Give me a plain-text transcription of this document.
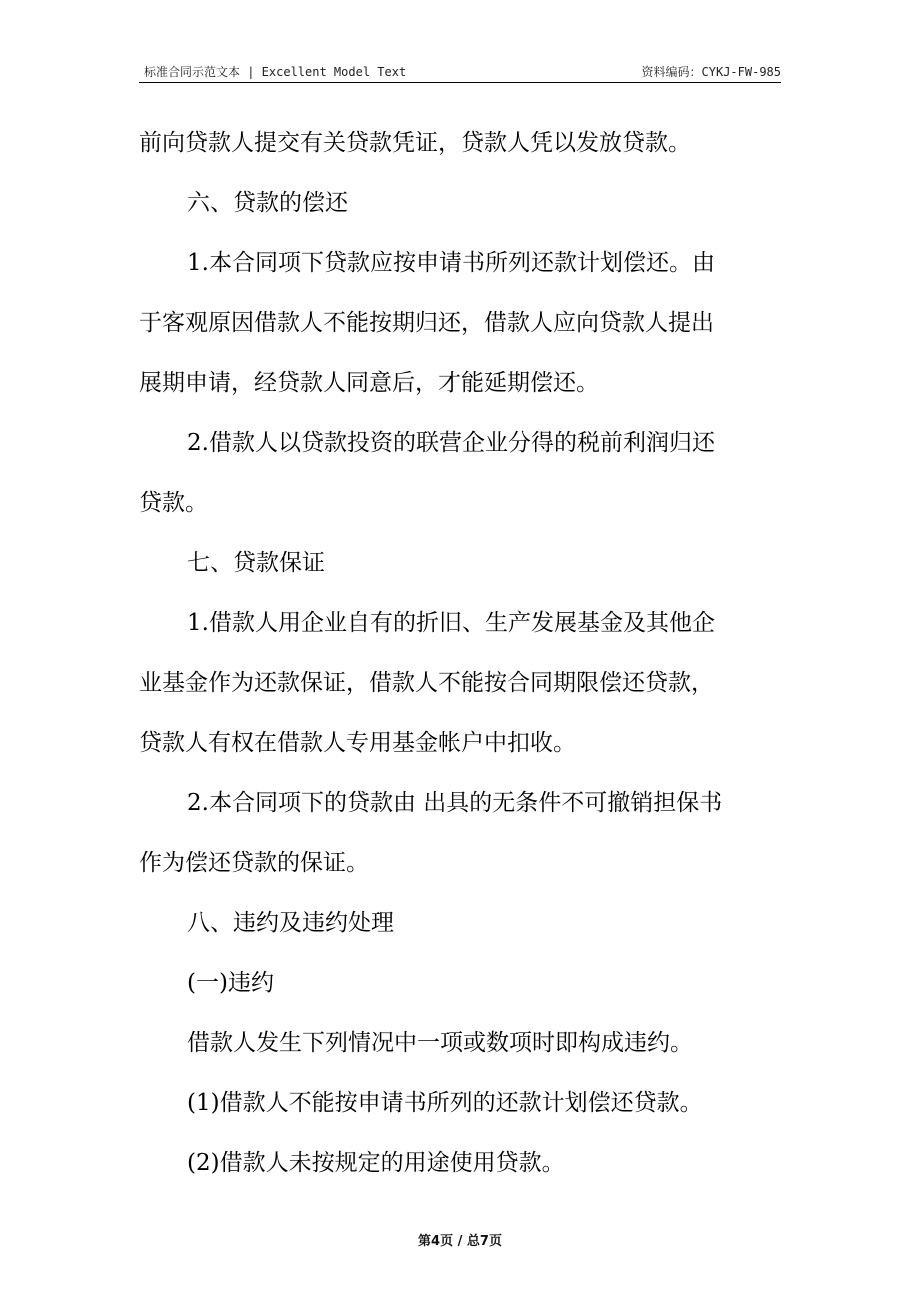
标准合同示范文本 | Excellent Model Text	资料编码：CYKJ-FW-985
前向贷款人提交有关贷款凭证，贷款人凭以发放贷款。
六、贷款的偿还
1.本合同项下贷款应按申请书所列还款计划偿还。由
于客观原因借款人不能按期归还，借款人应向贷款人提出
展期申请，经贷款人同意后，才能延期偿还。
2.借款人以贷款投资的联营企业分得的税前利润归还
贷款。
七、贷款保证
1.借款人用企业自有的折旧、生产发展基金及其他企
业基金作为还款保证，借款人不能按合同期限偿还贷款，
贷款人有权在借款人专用基金帐户中扣收。
2.本合同项下的贷款由 出具的无条件不可撤销担保书
作为偿还贷款的保证。
八、违约及违约处理
(一)违约
借款人发生下列情况中一项或数项时即构成违约。
(1)借款人不能按申请书所列的还款计划偿还贷款。
(2)借款人未按规定的用途使用贷款。
第4页 / 总7页
